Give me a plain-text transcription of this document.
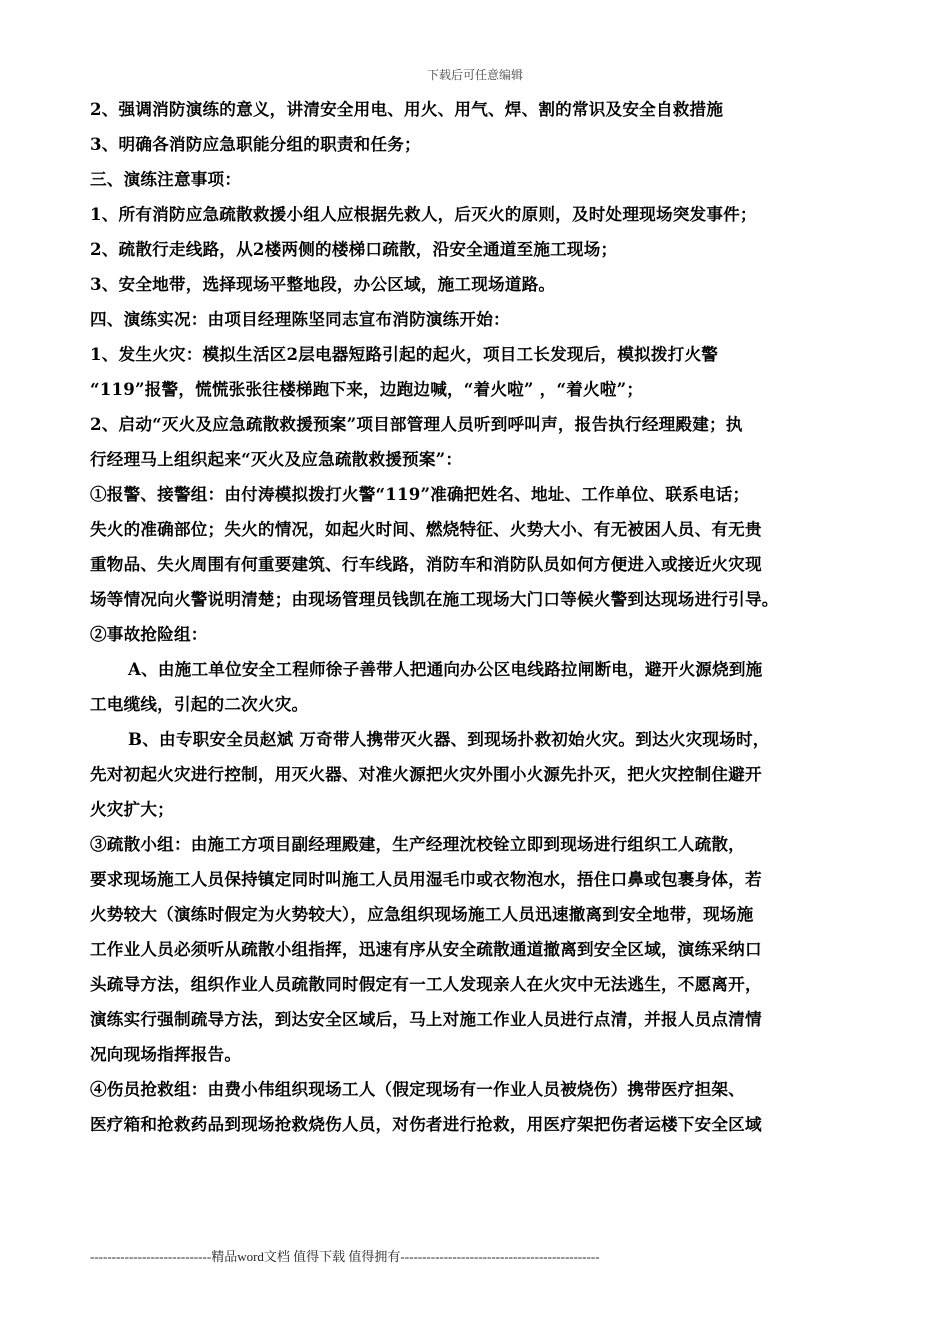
下载后可任意编辑
2、强调消防演练的意义，讲清安全用电、用火、用气、焊、割的常识及安全自救措施
3、明确各消防应急职能分组的职责和任务；
三、演练注意事项：
1、所有消防应急疏散救援小组人应根据先救人，后灭火的原则，及时处理现场突发事件；
2、疏散行走线路，从2楼两侧的楼梯口疏散，沿安全通道至施工现场；
3、安全地带，选择现场平整地段，办公区域，施工现场道路。
四、演练实况：由项目经理陈坚同志宣布消防演练开始：
1、发生火灾：模拟生活区2层电器短路引起的起火，项目工长发现后，模拟拨打火警
“119”报警，慌慌张张往楼梯跑下来，边跑边喊，“着火啦” ，“着火啦”；
2、启动“灭火及应急疏散救援预案”项目部管理人员听到呼叫声，报告执行经理殿建；执
行经理马上组织起来“灭火及应急疏散救援预案”：
①报警、接警组：由付涛模拟拨打火警“119”准确把姓名、地址、工作单位、联系电话；
失火的准确部位；失火的情况，如起火时间、燃烧特征、火势大小、有无被困人员、有无贵
重物品、失火周围有何重要建筑、行车线路，消防车和消防队员如何方便进入或接近火灾现
场等情况向火警说明清楚；由现场管理员钱凯在施工现场大门口等候火警到达现场进行引导。
②事故抢险组：
A、由施工单位安全工程师徐子善带人把通向办公区电线路拉闸断电，避开火源烧到施
工电缆线，引起的二次火灾。
B、由专职安全员赵斌 万奇带人携带灭火器、到现场扑救初始火灾。到达火灾现场时，
先对初起火灾进行控制，用灭火器、对准火源把火灾外围小火源先扑灭，把火灾控制住避开
火灾扩大；
③疏散小组：由施工方项目副经理殿建，生产经理沈校铨立即到现场进行组织工人疏散，
要求现场施工人员保持镇定同时叫施工人员用湿毛巾或衣物泡水，捂住口鼻或包裹身体，若
火势较大（演练时假定为火势较大），应急组织现场施工人员迅速撤离到安全地带，现场施
工作业人员必须听从疏散小组指挥，迅速有序从安全疏散通道撤离到安全区域，演练采纳口
头疏导方法，组织作业人员疏散同时假定有一工人发现亲人在火灾中无法逃生，不愿离开，
演练实行强制疏导方法，到达安全区域后，马上对施工作业人员进行点清，并报人员点清情
况向现场指挥报告。
④伤员抢救组：由费小伟组织现场工人（假定现场有一作业人员被烧伤）携带医疗担架、
医疗箱和抢救药品到现场抢救烧伤人员，对伤者进行抢救，用医疗架把伤者运楼下安全区域
----------------------------精品word文档 值得下载 值得拥有----------------------------------------------
